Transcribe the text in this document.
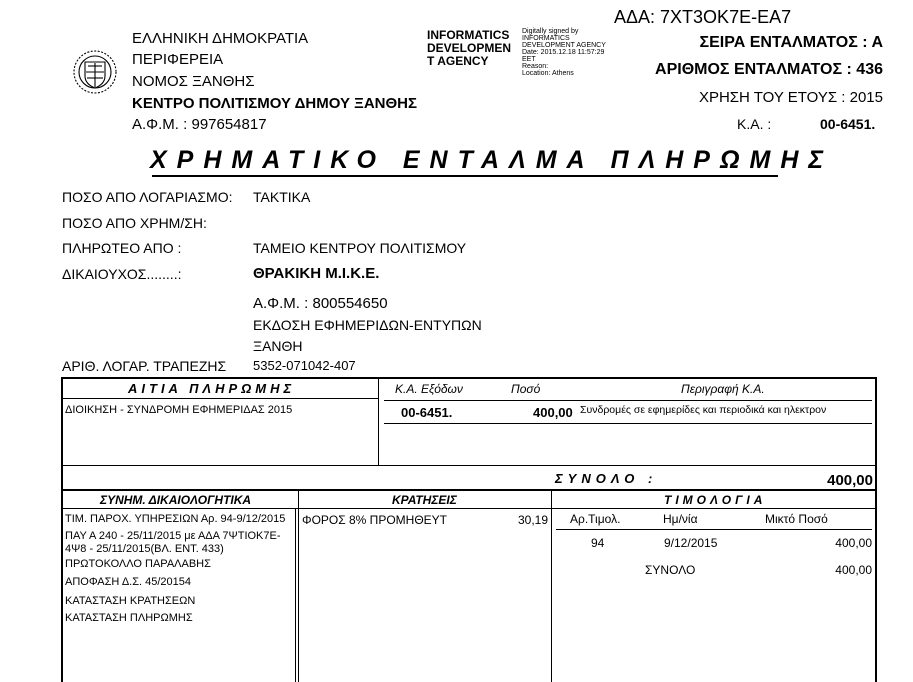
ΕΛΛΗΝΙΚΗ ΔΗΜΟΚΡΑΤΙΑ
ΠΕΡΙΦΕΡΕΙΑ
ΝΟΜΟΣ ΞΑΝΘΗΣ
ΚΕΝΤΡΟ ΠΟΛΙΤΙΣΜΟΥ ΔΗΜΟΥ ΞΑΝΘΗΣ
Α.Φ.Μ. : 997654817
INFORMATICS
DEVELOPMEN
T AGENCY
Digitally signed by
INFORMATICS
DEVELOPMENT AGENCY
Date: 2015.12.18 11:57:29
EET
Reason:
Location: Athens
ΑΔΑ: 7ΧΤ3ΟΚ7Ε-ΕΑ7
ΣΕΙΡΑ ΕΝΤΑΛΜΑΤΟΣ : Α
ΑΡΙΘΜΟΣ ΕΝΤΑΛΜΑΤΟΣ : 436
ΧΡΗΣΗ ΤΟΥ ΕΤΟΥΣ : 2015
Κ.Α. :	00-6451.
ΧΡΗΜΑΤΙΚΟ ΕΝΤΑΛΜΑ ΠΛΗΡΩΜΗΣ
ΠΟΣΟ ΑΠΟ ΛΟΓΑΡΙΑΣΜΟ: ΤΑΚΤΙΚΑ
ΠΟΣΟ ΑΠΟ ΧΡΗΜ/ΣΗ:
ΠΛΗΡΩΤΕΟ ΑΠΟ :	ΤΑΜΕΙΟ ΚΕΝΤΡΟΥ ΠΟΛΙΤΙΣΜΟΥ
ΔΙΚΑΙΟΥΧΟΣ........:	ΘΡΑΚΙΚΗ Μ.Ι.Κ.Ε.
Α.Φ.Μ. : 800554650
ΕΚΔΟΣΗ ΕΦΗΜΕΡΙΔΩΝ-ΕΝΤΥΠΩΝ
ΞΑΝΘΗ
ΑΡΙΘ. ΛΟΓΑΡ. ΤΡΑΠΕΖΗΣ 5352-071042-407
ΑΙΤΙΑ ΠΛΗΡΩΜΗΣ	Κ.Α. Εξόδων	Ποσό	Περιγραφή Κ.Α.
ΔΙΟΙΚΗΣΗ - ΣΥΝΔΡΟΜΗ ΕΦΗΜΕΡΙΔΑΣ 2015	00-6451.	400,00 Συνδρομές σε εφημερίδες και περιοδικά και ηλεκτρον
ΣΥΝΟΛΟ :	400,00
ΣΥΝΗΜ. ΔΙΚΑΙΟΛΟΓΗΤΙΚΑ	ΚΡΑΤΗΣΕΙΣ	ΤΙΜΟΛΟΓΙΑ
ΤΙΜ. ΠΑΡΟΧ. ΥΠΗΡΕΣΙΩΝ Αρ. 94-9/12/2015
ΠΑΥ Α 240 - 25/11/2015 με ΑΔΑ 7ΨΤΙΟΚ7Ε-
4Ψ8 - 25/11/2015(ΒΛ. ΕΝΤ. 433)
ΠΡΩΤΟΚΟΛΛΟ ΠΑΡΑΛΑΒΗΣ
ΑΠΟΦΑΣΗ Δ.Σ. 45/20154
ΚΑΤΑΣΤΑΣΗ ΚΡΑΤΗΣΕΩΝ
ΚΑΤΑΣΤΑΣΗ ΠΛΗΡΩΜΗΣ
ΦΟΡΟΣ 8% ΠΡΟΜΗΘΕΥΤ	30,19 Αρ.Τιμολ.	Ημ/νία	Μικτό Ποσό
94	9/12/2015	400,00
ΣΥΝΟΛΟ	400,00
